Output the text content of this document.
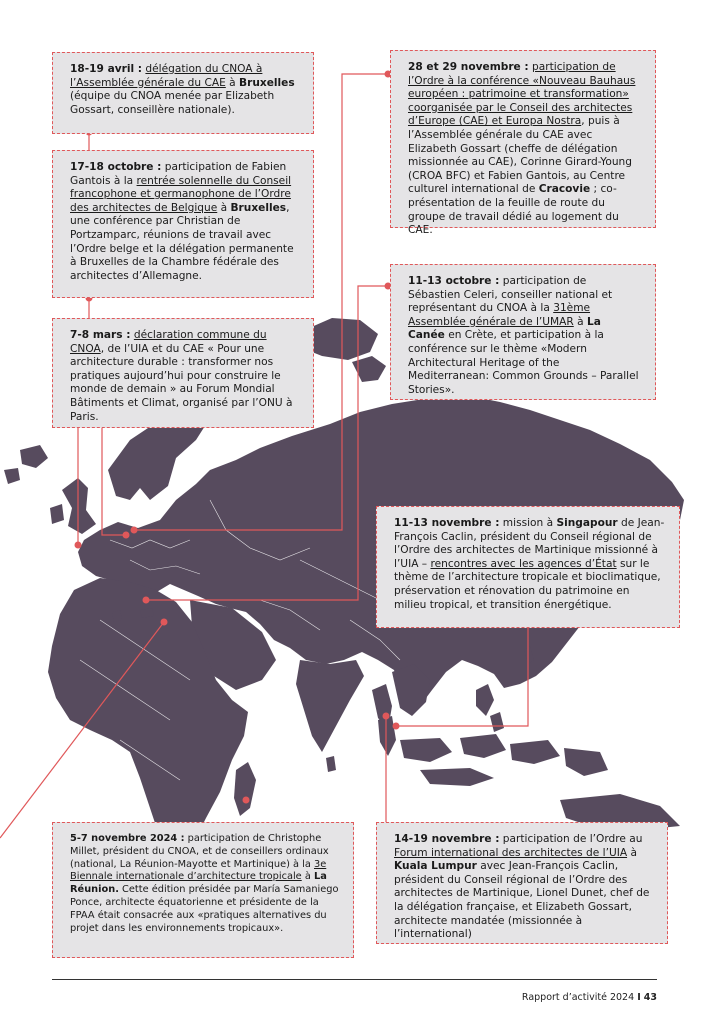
18-19 avril : délégation du CNOA à l’Assemblée générale du CAE à Bruxelles (équipe du CNOA menée par Elizabeth Gossart, conseillère nationale).
17-18 octobre : participation de Fabien Gantois à la rentrée solennelle du Conseil francophone et germanophone de l’Ordre des architectes de Belgique à Bruxelles, une conférence par Christian de Portzamparc, réunions de travail avec l’Ordre belge et la délégation permanente à Bruxelles de la Chambre fédérale des architectes d’Allemagne.
7-8 mars : déclaration commune du CNOA, de l’UIA et du CAE « Pour une architecture durable : transformer nos pratiques aujourd’hui pour construire le monde de demain » au Forum Mondial Bâtiments et Climat, organisé par l’ONU à Paris.
28 et 29 novembre : participation de l’Ordre à la conférence «Nouveau Bauhaus européen : patrimoine et transformation» coorganisée par le Conseil des architectes d’Europe (CAE) et Europa Nostra, puis à l’Assemblée générale du CAE avec Elizabeth Gossart (cheffe de délégation missionnée au CAE), Corinne Girard-Young (CROA BFC) et Fabien Gantois, au Centre culturel international de Cracovie ; co-présentation de la feuille de route du groupe de travail dédié au logement du CAE.
11-13 octobre : participation de Sébastien Celeri, conseiller national et représentant du CNOA à la 31ème Assemblée générale de l’UMAR à La Canée en Crète, et participation à la conférence sur le thème «Modern Architectural Heritage of the Mediterranean: Common Grounds – Parallel Stories».
11-13 novembre : mission à Singapour de Jean-François Caclin, président du Conseil régional de l’Ordre des architectes de Martinique missionné à l’UIA – rencontres avec les agences d’État sur le thème de l’architecture tropicale et bioclimatique, préservation et rénovation du patrimoine en milieu tropical, et transition énergétique.
5-7 novembre 2024 : participation de Christophe Millet, président du CNOA, et de conseillers ordinaux (national, La Réunion-Mayotte et Martinique) à la 3e Biennale internationale d’architecture tropicale à La Réunion. Cette édition présidée par María Samaniego Ponce, architecte équatorienne et présidente de la FPAA était consacrée aux «pratiques alternatives du projet dans les environnements tropicaux».
14-19 novembre : participation de l’Ordre au Forum international des architectes de l’UIA à Kuala Lumpur avec Jean-François Caclin, président du Conseil régional de l’Ordre des architectes de Martinique, Lionel Dunet, chef de la délégation française, et Elizabeth Gossart, architecte mandatée (missionnée à l’international)
Rapport d’activité 2024 I 43
